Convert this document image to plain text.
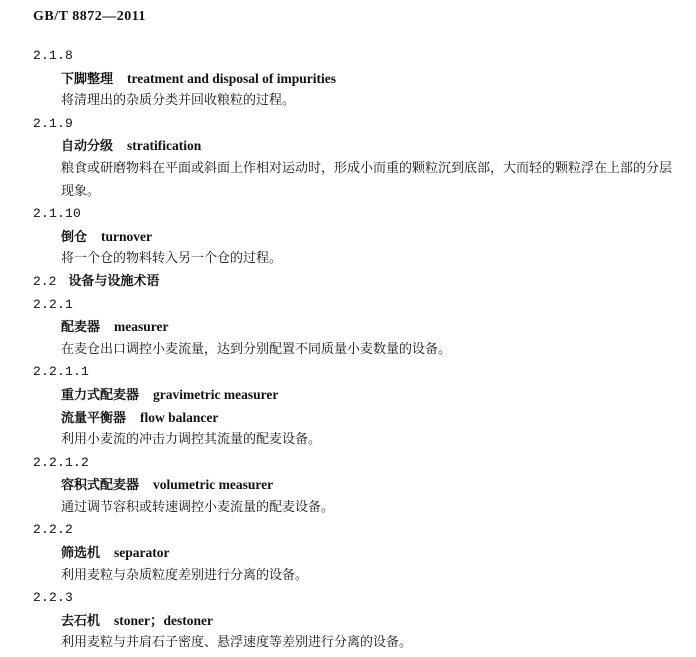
GB/T 8872—2011
2.1.8
下脚整理 treatment and disposal of impurities
将清理出的杂质分类并回收粮粒的过程。
2.1.9
自动分级 stratification
粮食或研磨物料在平面或斜面上作相对运动时，形成小而重的颗粒沉到底部，大而轻的颗粒浮在上部的分层现象。
2.1.10
倒仓 turnover
将一个仓的物料转入另一个仓的过程。
2.2 设备与设施术语
2.2.1
配麦器 measurer
在麦仓出口调控小麦流量，达到分别配置不同质量小麦数量的设备。
2.2.1.1
重力式配麦器 gravimetric measurer
流量平衡器 flow balancer
利用小麦流的冲击力调控其流量的配麦设备。
2.2.1.2
容积式配麦器 volumetric measurer
通过调节容积或转速调控小麦流量的配麦设备。
2.2.2
筛选机 separator
利用麦粒与杂质粒度差别进行分离的设备。
2.2.3
去石机 stoner；destoner
利用麦粒与并肩石子密度、悬浮速度等差别进行分离的设备。
